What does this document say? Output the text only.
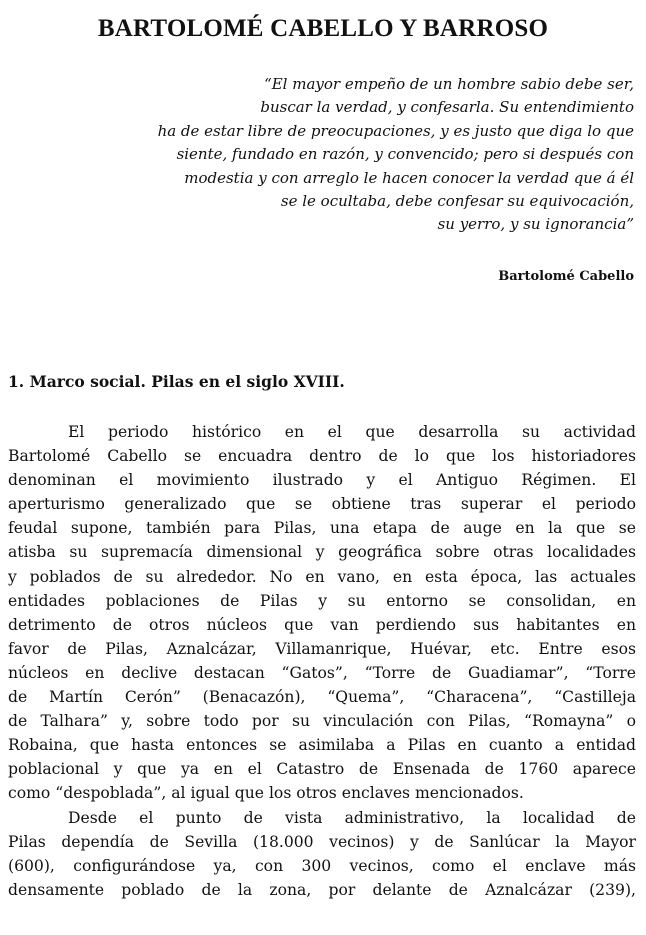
BARTOLOMÉ CABELLO Y BARROSO
“El mayor empeño de un hombre sabio debe ser,
buscar la verdad, y confesarla. Su entendimiento
ha de estar libre de preocupaciones, y es justo que diga lo que
siente, fundado en razón, y convencido; pero si después con
modestia y con arreglo le hacen conocer la verdad que á él
se le ocultaba, debe confesar su equivocación,
su yerro, y su ignorancia”
Bartolomé Cabello
1. Marco social. Pilas en el siglo XVIII.
El periodo histórico en el que desarrolla su actividad
Bartolomé Cabello se encuadra dentro de lo que los historiadores
denominan el movimiento ilustrado y el Antiguo Régimen. El
aperturismo generalizado que se obtiene tras superar el periodo
feudal supone, también para Pilas, una etapa de auge en la que se
atisba su supremacía dimensional y geográfica sobre otras localidades
y poblados de su alrededor. No en vano, en esta época, las actuales
entidades poblaciones de Pilas y su entorno se consolidan, en
detrimento de otros núcleos que van perdiendo sus habitantes en
favor de Pilas, Aznalcázar, Villamanrique, Huévar, etc. Entre esos
núcleos en declive destacan “Gatos”, “Torre de Guadiamar”, “Torre
de Martín Cerón” (Benacazón), “Quema”, “Characena”, “Castilleja
de Talhara” y, sobre todo por su vinculación con Pilas, “Romayna” o
Robaina, que hasta entonces se asimilaba a Pilas en cuanto a entidad
poblacional y que ya en el Catastro de Ensenada de 1760 aparece
como “despoblada”, al igual que los otros enclaves mencionados.
Desde el punto de vista administrativo, la localidad de
Pilas dependía de Sevilla (18.000 vecinos) y de Sanlúcar la Mayor
(600), configurándose ya, con 300 vecinos, como el enclave más
densamente poblado de la zona, por delante de Aznalcázar (239),
